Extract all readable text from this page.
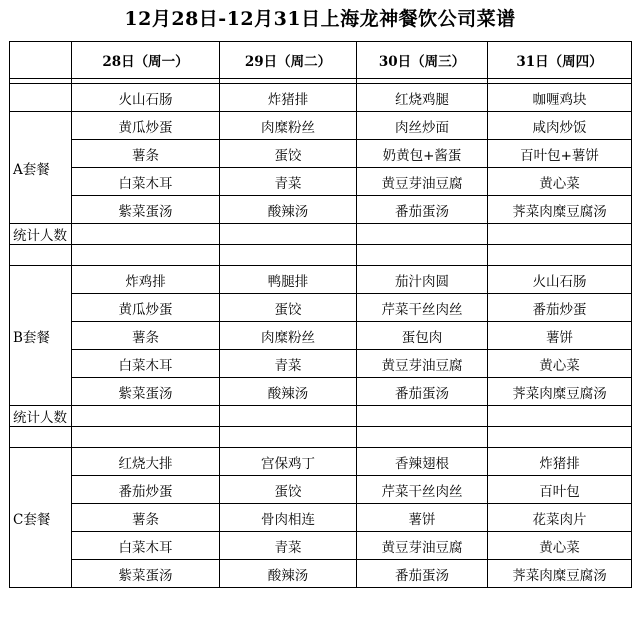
12月28日-12月31日上海龙神餐饮公司菜谱
	28日（周一）	29日（周二）	30日（周三）	31日（周四）

	火山石肠	炸猪排	红烧鸡腿	咖喱鸡块
A套餐	黄瓜炒蛋	肉糜粉丝	肉丝炒面	咸肉炒饭
	薯条	蛋饺	奶黄包+酱蛋	百叶包+薯饼
	白菜木耳	青菜	黄豆芽油豆腐	黄心菜
	紫菜蛋汤	酸辣汤	番茄蛋汤	荠菜肉糜豆腐汤
统计人数				

B套餐	炸鸡排	鸭腿排	茄汁肉圆	火山石肠
	黄瓜炒蛋	蛋饺	芹菜干丝肉丝	番茄炒蛋
	薯条	肉糜粉丝	蛋包肉	薯饼
	白菜木耳	青菜	黄豆芽油豆腐	黄心菜
	紫菜蛋汤	酸辣汤	番茄蛋汤	荠菜肉糜豆腐汤
统计人数				

C套餐	红烧大排	宫保鸡丁	香辣翅根	炸猪排
	番茄炒蛋	蛋饺	芹菜干丝肉丝	百叶包
	薯条	骨肉相连	薯饼	花菜肉片
	白菜木耳	青菜	黄豆芽油豆腐	黄心菜
	紫菜蛋汤	酸辣汤	番茄蛋汤	荠菜肉糜豆腐汤
